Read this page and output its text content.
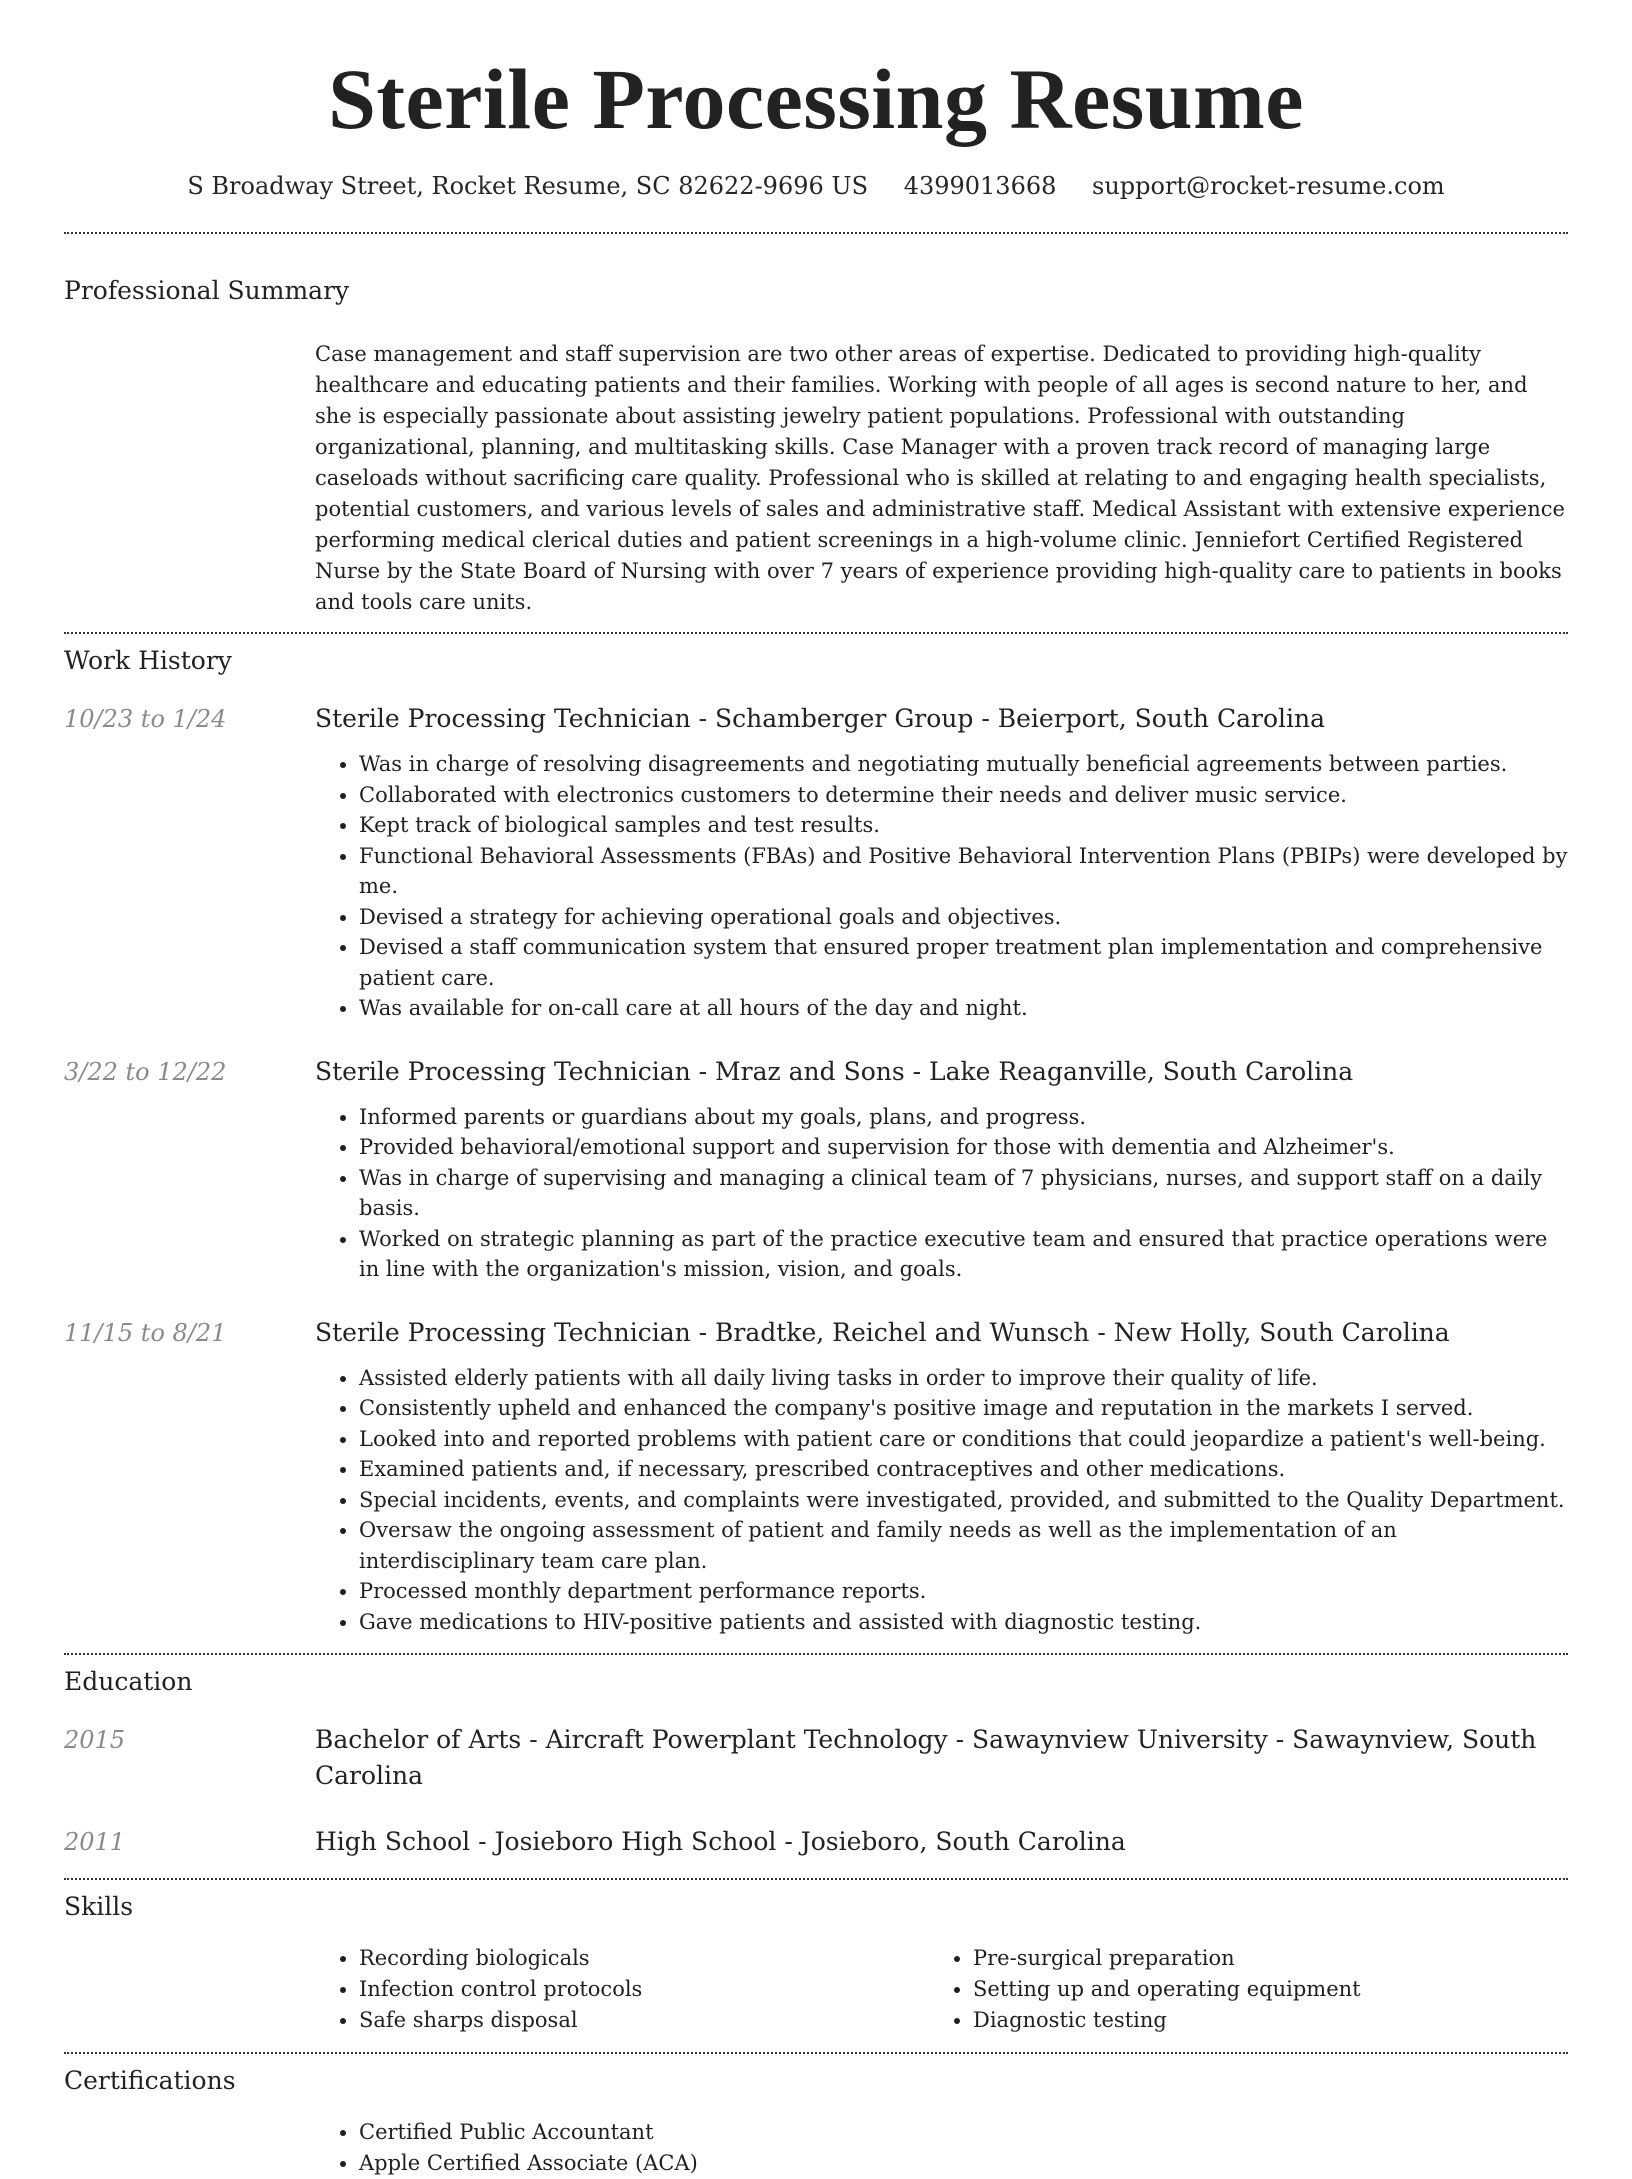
Sterile Processing Resume
S Broadway Street, Rocket Resume, SC 82622-9696 US 4399013668 support@rocket-resume.com
Professional Summary
Case management and staff supervision are two other areas of expertise. Dedicated to providing high-quality healthcare and educating patients and their families. Working with people of all ages is second nature to her, and she is especially passionate about assisting jewelry patient populations. Professional with outstanding organizational, planning, and multitasking skills. Case Manager with a proven track record of managing large caseloads without sacrificing care quality. Professional who is skilled at relating to and engaging health specialists, potential customers, and various levels of sales and administrative staff. Medical Assistant with extensive experience performing medical clerical duties and patient screenings in a high-volume clinic. Jenniefort Certified Registered Nurse by the State Board of Nursing with over 7 years of experience providing high-quality care to patients in books and tools care units.
Work History
10/23 to 1/24	Sterile Processing Technician - Schamberger Group - Beierport, South Carolina
• Was in charge of resolving disagreements and negotiating mutually beneficial agreements between parties.
• Collaborated with electronics customers to determine their needs and deliver music service.
• Kept track of biological samples and test results.
• Functional Behavioral Assessments (FBAs) and Positive Behavioral Intervention Plans (PBIPs) were developed by me.
• Devised a strategy for achieving operational goals and objectives.
• Devised a staff communication system that ensured proper treatment plan implementation and comprehensive patient care.
• Was available for on-call care at all hours of the day and night.
3/22 to 12/22	Sterile Processing Technician - Mraz and Sons - Lake Reaganville, South Carolina
• Informed parents or guardians about my goals, plans, and progress.
• Provided behavioral/emotional support and supervision for those with dementia and Alzheimer's.
• Was in charge of supervising and managing a clinical team of 7 physicians, nurses, and support staff on a daily basis.
• Worked on strategic planning as part of the practice executive team and ensured that practice operations were in line with the organization's mission, vision, and goals.
11/15 to 8/21	Sterile Processing Technician - Bradtke, Reichel and Wunsch - New Holly, South Carolina
• Assisted elderly patients with all daily living tasks in order to improve their quality of life.
• Consistently upheld and enhanced the company's positive image and reputation in the markets I served.
• Looked into and reported problems with patient care or conditions that could jeopardize a patient's well-being.
• Examined patients and, if necessary, prescribed contraceptives and other medications.
• Special incidents, events, and complaints were investigated, provided, and submitted to the Quality Department.
• Oversaw the ongoing assessment of patient and family needs as well as the implementation of an interdisciplinary team care plan.
• Processed monthly department performance reports.
• Gave medications to HIV-positive patients and assisted with diagnostic testing.
Education
2015	Bachelor of Arts - Aircraft Powerplant Technology - Sawaynview University - Sawaynview, South Carolina
2011	High School - Josieboro High School - Josieboro, South Carolina
Skills
• Recording biologicals
• Infection control protocols
• Safe sharps disposal
• Pre-surgical preparation
• Setting up and operating equipment
• Diagnostic testing
Certifications
• Certified Public Accountant
• Apple Certified Associate (ACA)
